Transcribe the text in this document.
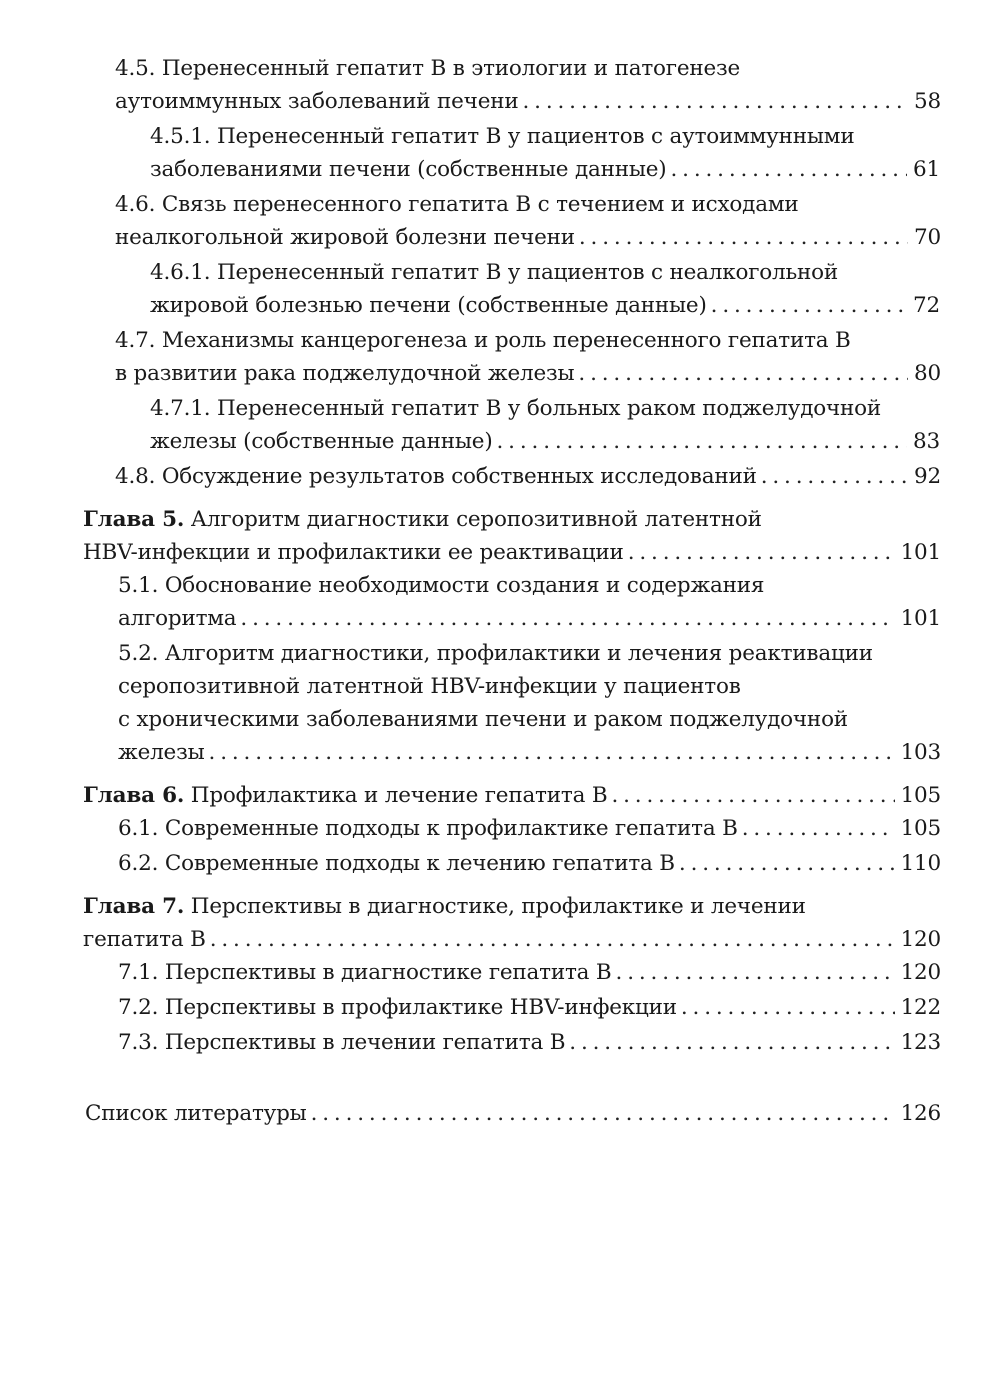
4.5. Перенесенный гепатит В в этиологии и патогенезе
аутоиммунных заболеваний печени . . .	58
4.5.1. Перенесенный гепатит В у пациентов с аутоиммунными
заболеваниями печени (собственные данные) . . .	61
4.6. Связь перенесенного гепатита В с течением и исходами
неалкогольной жировой болезни печени . . .	70
4.6.1. Перенесенный гепатит В у пациентов с неалкогольной
жировой болезнью печени (собственные данные) . . .	72
4.7. Механизмы канцерогенеза и роль перенесенного гепатита В
в развитии рака поджелудочной железы . . .	80
4.7.1. Перенесенный гепатит В у больных раком поджелудочной
железы (собственные данные) . . .	83
4.8. Обсуждение результатов собственных исследований . . .	92
Глава 5. Алгоритм диагностики серопозитивной латентной
HBV-инфекции и профилактики ее реактивации . . .	101
5.1. Обоснование необходимости создания и содержания
алгоритма . . .	101
5.2. Алгоритм диагностики, профилактики и лечения реактивации
серопозитивной латентной HBV-инфекции у пациентов
с хроническими заболеваниями печени и раком поджелудочной
железы . . .	103
Глава 6. Профилактика и лечение гепатита В . . .	105
6.1. Современные подходы к профилактике гепатита В . . .	105
6.2. Современные подходы к лечению гепатита В . . .	110
Глава 7. Перспективы в диагностике, профилактике и лечении
гепатита В . . .	120
7.1. Перспективы в диагностике гепатита В . . .	120
7.2. Перспективы в профилактике HBV-инфекции . . .	122
7.3. Перспективы в лечении гепатита В . . .	123
Список литературы . . .	126
